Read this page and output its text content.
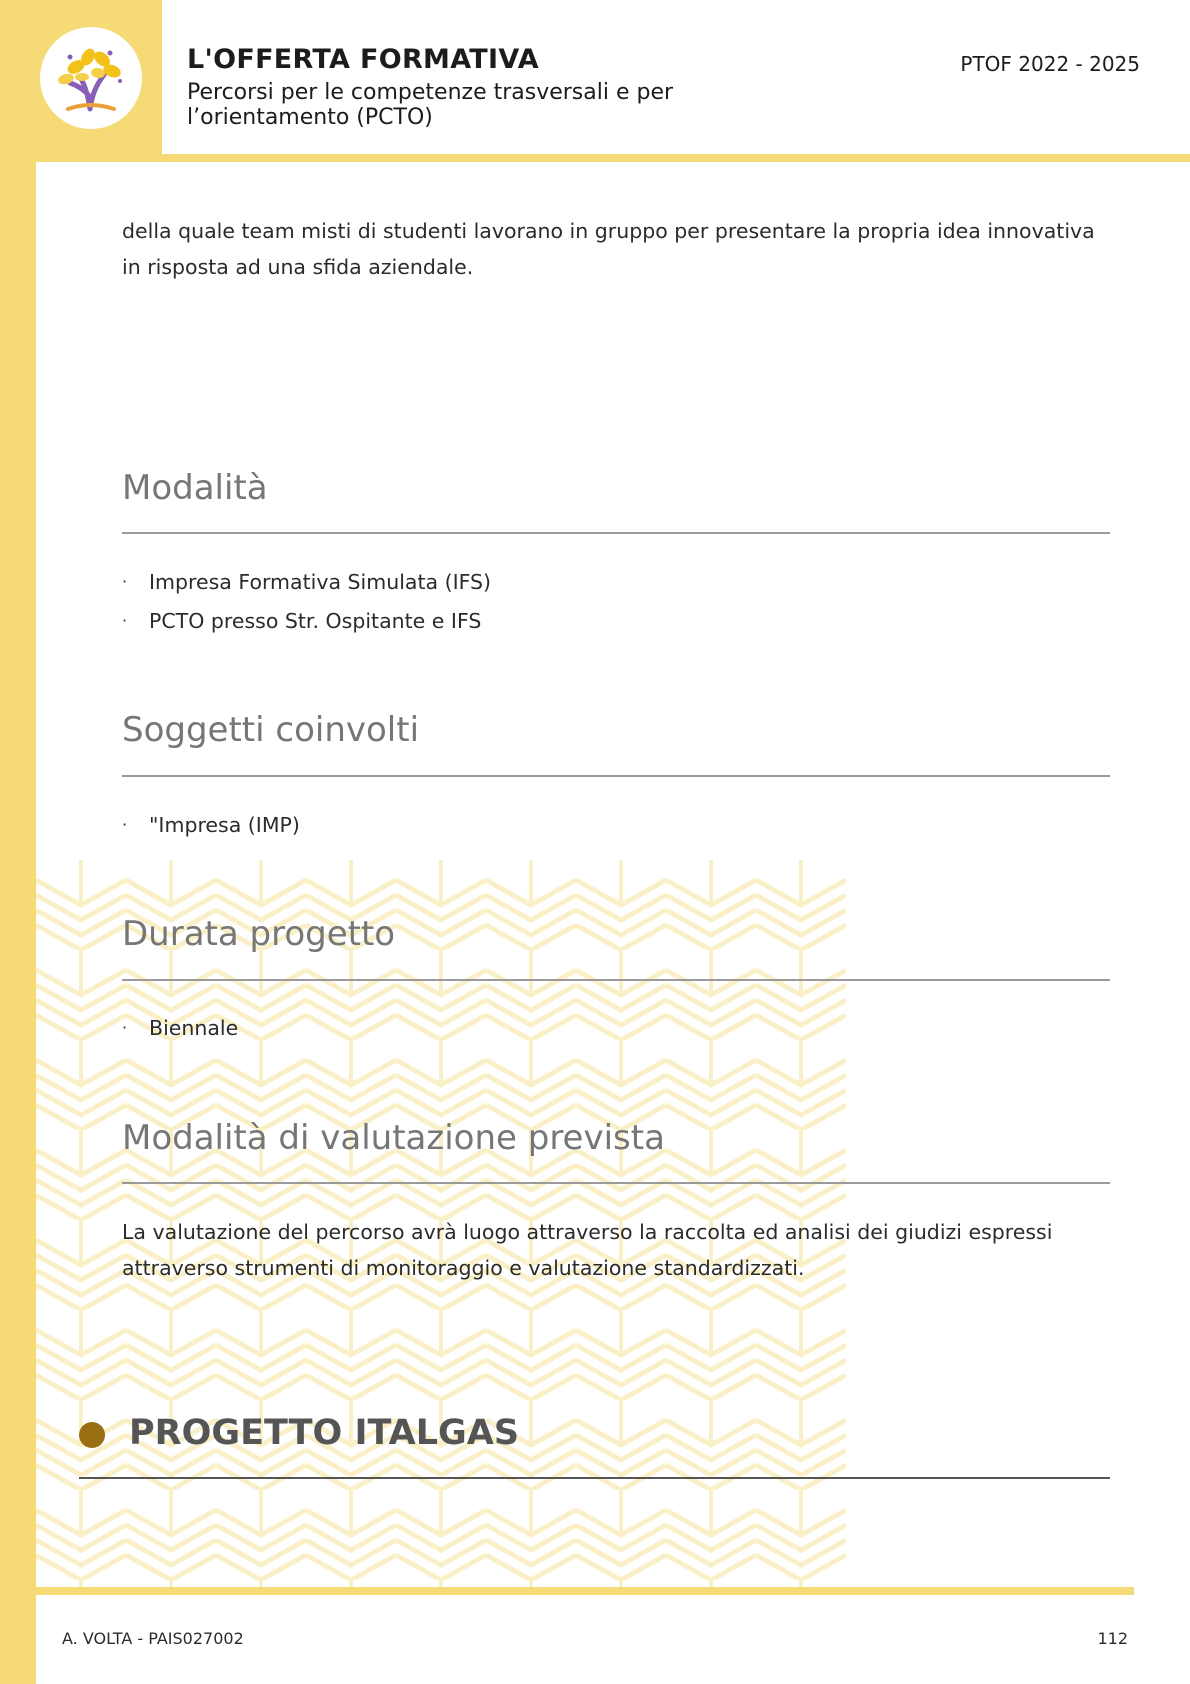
L'OFFERTA FORMATIVA
Percorsi per le competenze trasversali e per l’orientamento (PCTO)
PTOF 2022 - 2025
della quale team misti di studenti lavorano in gruppo per presentare la propria idea innovativa in risposta ad una sfida aziendale.
Modalità
· Impresa Formativa Simulata (IFS)
· PCTO presso Str. Ospitante e IFS
Soggetti coinvolti
· "Impresa (IMP)
Durata progetto
· Biennale
Modalità di valutazione prevista
La valutazione del percorso avrà luogo attraverso la raccolta ed analisi dei giudizi espressi attraverso strumenti di monitoraggio e valutazione standardizzati.
PROGETTO ITALGAS
A. VOLTA - PAIS027002	112
